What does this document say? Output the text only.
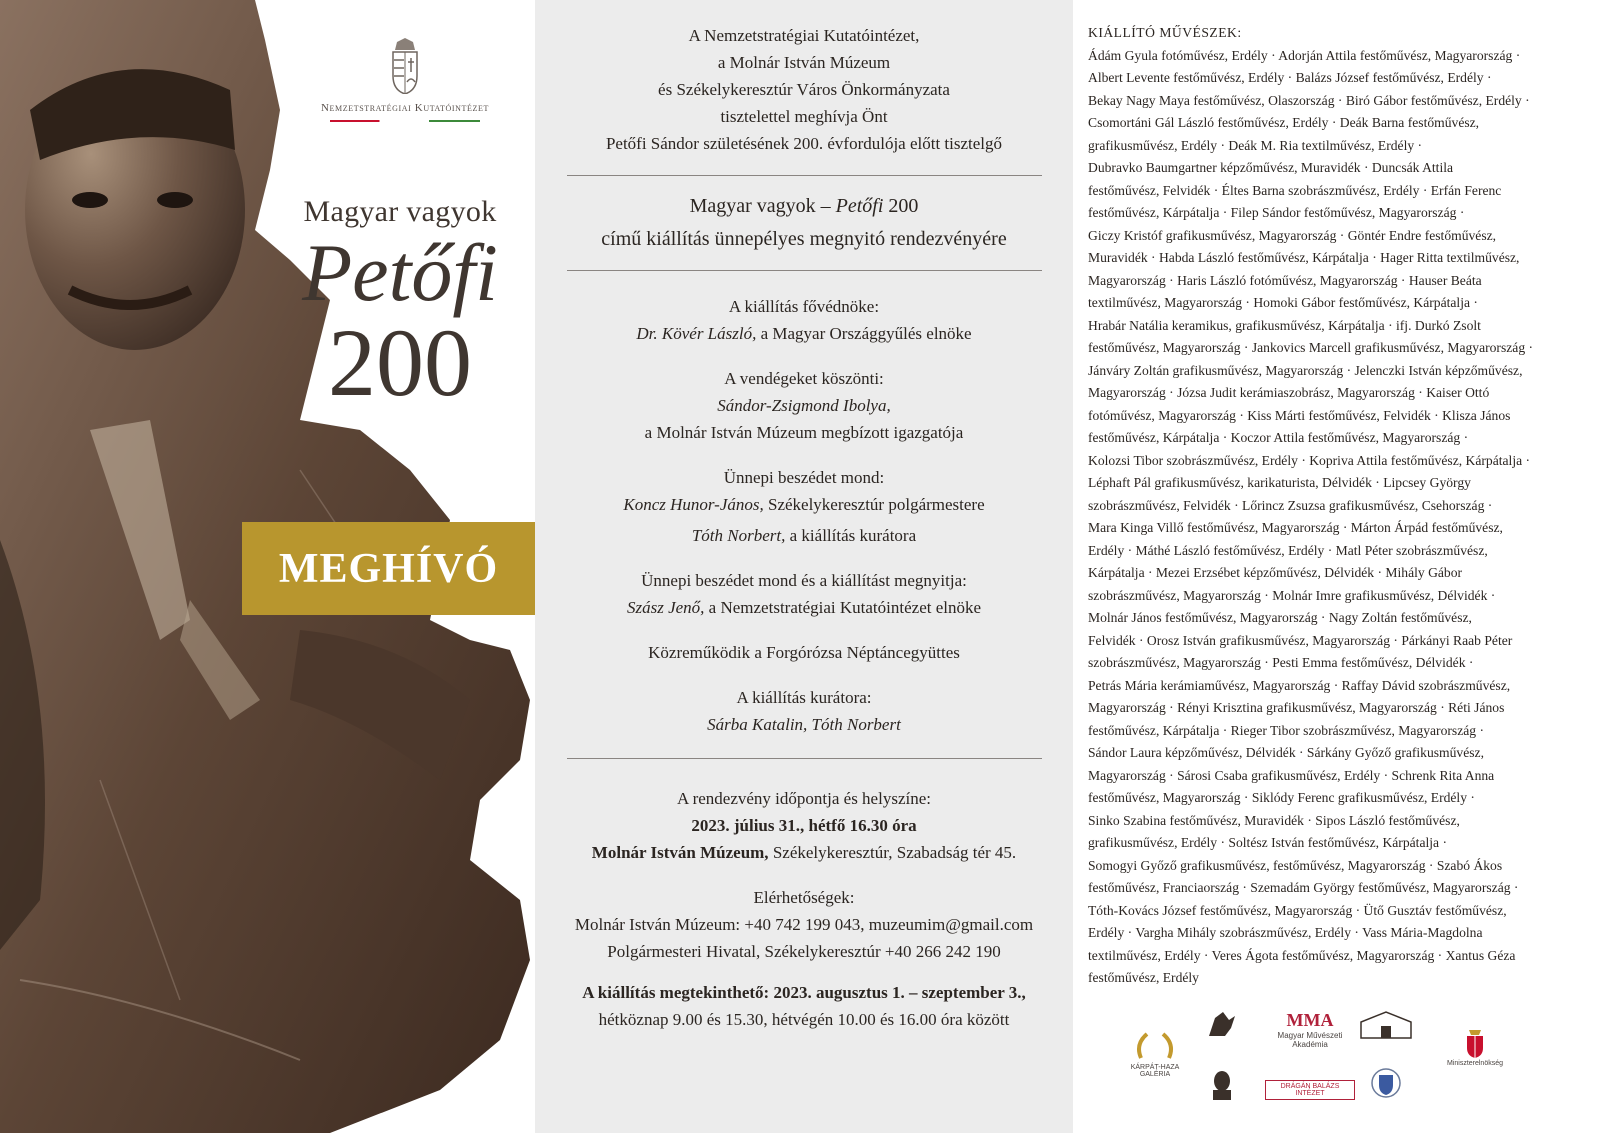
Nemzetstratégiai Kutatóintézet
Magyar vagyok
Petőfi
200
MEGHÍVÓ
A Nemzetstratégiai Kutatóintézet,
a Molnár István Múzeum
és Székelykeresztúr Város Önkormányzata
tisztelettel meghívja Önt
Petőfi Sándor születésének 200. évfordulója előtt tisztelgő
Magyar vagyok – Petőfi 200
című kiállítás ünnepélyes megnyitó rendezvényére
A kiállítás fővédnöke:
Dr. Kövér László, a Magyar Országgyűlés elnöke
A vendégeket köszönti:
Sándor-Zsigmond Ibolya,
a Molnár István Múzeum megbízott igazgatója
Ünnepi beszédet mond:
Koncz Hunor-János, Székelykeresztúr polgármestere
Tóth Norbert, a kiállítás kurátora
Ünnepi beszédet mond és a kiállítást megnyitja:
Szász Jenő, a Nemzetstratégiai Kutatóintézet elnöke
Közreműködik a Forgórózsa Néptáncegyüttes
A kiállítás kurátora:
Sárba Katalin, Tóth Norbert
A rendezvény időpontja és helyszíne:
2023. július 31., hétfő 16.30 óra
Molnár István Múzeum, Székelykeresztúr, Szabadság tér 45.
Elérhetőségek:
Molnár István Múzeum: +40 742 199 043, muzeumim@gmail.com
Polgármesteri Hivatal, Székelykeresztúr +40 266 242 190
A kiállítás megtekinthető: 2023. augusztus 1. – szeptember 3.,
hétköznap 9.00 és 15.30, hétvégén 10.00 és 16.00 óra között
KIÁLLÍTÓ MŰVÉSZEK:
Ádám Gyula fotóművész, Erdély · Adorján Attila festőművész, Magyarország ·
Albert Levente festőművész, Erdély · Balázs József festőművész, Erdély ·
Bekay Nagy Maya festőművész, Olaszország · Biró Gábor festőművész, Erdély ·
Csomortáni Gál László festőművész, Erdély · Deák Barna festőművész,
grafikusművész, Erdély · Deák M. Ria textilművész, Erdély ·
Dubravko Baumgartner képzőművész, Muravidék · Duncsák Attila
festőművész, Felvidék · Éltes Barna szobrászművész, Erdély · Erfán Ferenc
festőművész, Kárpátalja · Filep Sándor festőművész, Magyarország ·
Giczy Kristóf grafikusművész, Magyarország · Göntér Endre festőművész,
Muravidék · Habda László festőművész, Kárpátalja · Hager Ritta textilművész,
Magyarország · Haris László fotóművész, Magyarország · Hauser Beáta
textilművész, Magyarország · Homoki Gábor festőművész, Kárpátalja ·
Hrabár Natália keramikus, grafikusművész, Kárpátalja · ifj. Durkó Zsolt
festőművész, Magyarország · Jankovics Marcell grafikusművész, Magyarország ·
Jánváry Zoltán grafikusművész, Magyarország · Jelenczki István képzőművész,
Magyarország · Józsa Judit kerámiaszobrász, Magyarország · Kaiser Ottó
fotóművész, Magyarország · Kiss Márti festőművész, Felvidék · Klisza János
festőművész, Kárpátalja · Koczor Attila festőművész, Magyarország ·
Kolozsi Tibor szobrászművész, Erdély · Kopriva Attila festőművész, Kárpátalja ·
Léphaft Pál grafikusművész, karikaturista, Délvidék · Lipcsey György
szobrászművész, Felvidék · Lőrincz Zsuzsa grafikusművész, Csehország ·
Mara Kinga Villő festőművész, Magyarország · Márton Árpád festőművész,
Erdély · Máthé László festőművész, Erdély · Matl Péter szobrászművész,
Kárpátalja · Mezei Erzsébet képzőművész, Délvidék · Mihály Gábor
szobrászművész, Magyarország · Molnár Imre grafikusművész, Délvidék ·
Molnár János festőművész, Magyarország · Nagy Zoltán festőművész,
Felvidék · Orosz István grafikusművész, Magyarország · Párkányi Raab Péter
szobrászművész, Magyarország · Pesti Emma festőművész, Délvidék ·
Petrás Mária kerámiaművész, Magyarország · Raffay Dávid szobrászművész,
Magyarország · Rényi Krisztina grafikusművész, Magyarország · Réti János
festőművész, Kárpátalja · Rieger Tibor szobrászművész, Magyarország ·
Sándor Laura képzőművész, Délvidék · Sárkány Győző grafikusművész,
Magyarország · Sárosi Csaba grafikusművész, Erdély · Schrenk Rita Anna
festőművész, Magyarország · Siklódy Ferenc grafikusművész, Erdély ·
Sinko Szabina festőművész, Muravidék · Sipos László festőművész,
grafikusművész, Erdély · Soltész István festőművész, Kárpátalja ·
Somogyi Győző grafikusművész, festőművész, Magyarország · Szabó Ákos
festőművész, Franciaország · Szemadám György festőművész, Magyarország ·
Tóth-Kovács József festőművész, Magyarország · Ütő Gusztáv festőművész,
Erdély · Vargha Mihály szobrászművész, Erdély · Vass Mária-Magdolna
textilművész, Erdély · Veres Ágota festőművész, Magyarország · Xantus Géza
festőművész, Erdély
KÁRPÁT-HAZA GALÉRIA
MMA
Magyar Művészeti Akadémia
DRÁGÁN BALÁZS INTÉZET
Miniszterelnökség
